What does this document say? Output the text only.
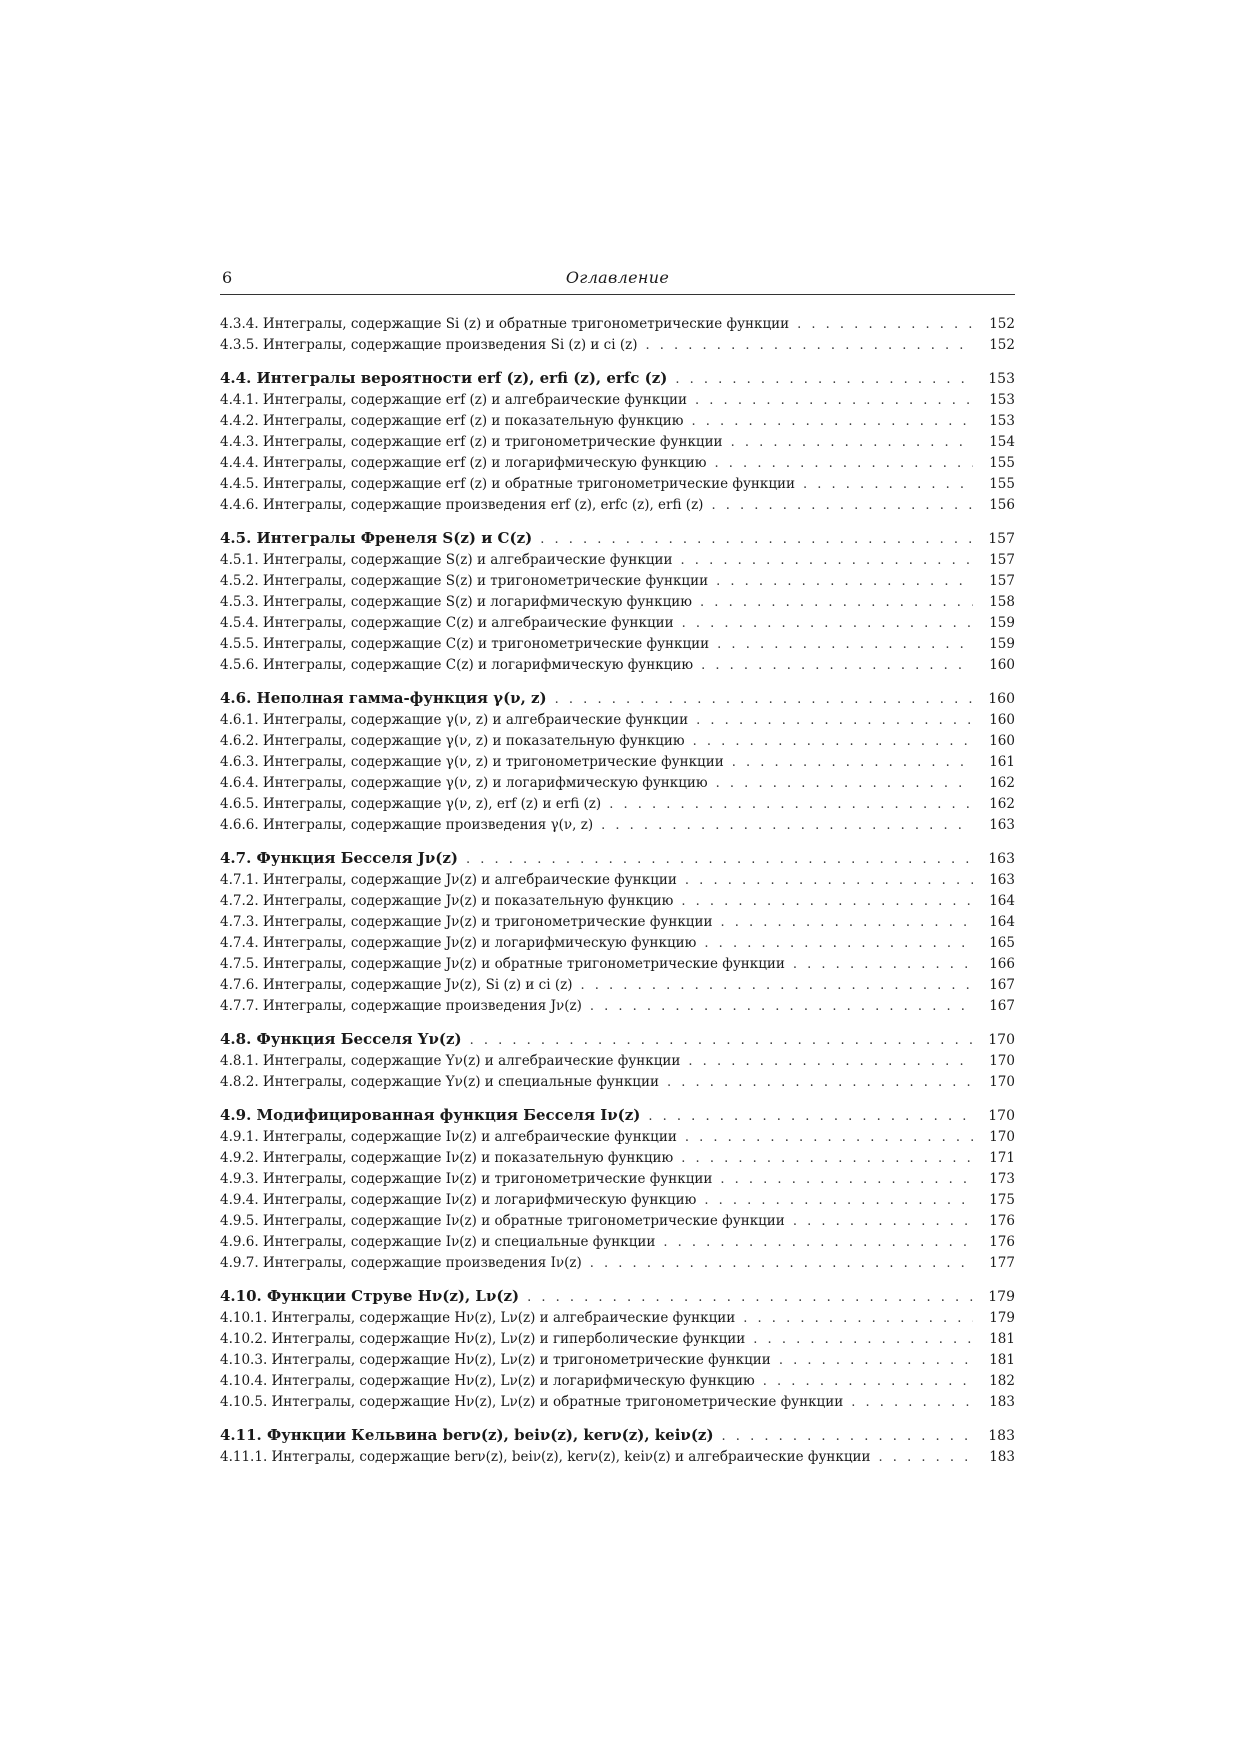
6	Оглавление
4.3.4. Интегралы, содержащие Si (z) и обратные тригонометрические функции . . .	152
4.3.5. Интегралы, содержащие произведения Si (z) и ci (z) . . .	152
4.4. Интегралы вероятности erf (z), erfi (z), erfc (z) . . .	153
4.4.1. Интегралы, содержащие erf (z) и алгебраические функции . . .	153
4.4.2. Интегралы, содержащие erf (z) и показательную функцию . . .	153
4.4.3. Интегралы, содержащие erf (z) и тригонометрические функции . . .	154
4.4.4. Интегралы, содержащие erf (z) и логарифмическую функцию . . .	155
4.4.5. Интегралы, содержащие erf (z) и обратные тригонометрические функции . . .	155
4.4.6. Интегралы, содержащие произведения erf (z), erfc (z), erfi (z) . . .	156
4.5. Интегралы Френеля S(z) и C(z) . . .	157
4.5.1. Интегралы, содержащие S(z) и алгебраические функции . . .	157
4.5.2. Интегралы, содержащие S(z) и тригонометрические функции . . .	157
4.5.3. Интегралы, содержащие S(z) и логарифмическую функцию . . .	158
4.5.4. Интегралы, содержащие C(z) и алгебраические функции . . .	159
4.5.5. Интегралы, содержащие C(z) и тригонометрические функции . . .	159
4.5.6. Интегралы, содержащие C(z) и логарифмическую функцию . . .	160
4.6. Неполная гамма-функция γ(ν, z) . . .	160
4.6.1. Интегралы, содержащие γ(ν, z) и алгебраические функции . . .	160
4.6.2. Интегралы, содержащие γ(ν, z) и показательную функцию . . .	160
4.6.3. Интегралы, содержащие γ(ν, z) и тригонометрические функции . . .	161
4.6.4. Интегралы, содержащие γ(ν, z) и логарифмическую функцию . . .	162
4.6.5. Интегралы, содержащие γ(ν, z), erf (z) и erfi (z) . . .	162
4.6.6. Интегралы, содержащие произведения γ(ν, z) . . .	163
4.7. Функция Бесселя Jν(z) . . .	163
4.7.1. Интегралы, содержащие Jν(z) и алгебраические функции . . .	163
4.7.2. Интегралы, содержащие Jν(z) и показательную функцию . . .	164
4.7.3. Интегралы, содержащие Jν(z) и тригонометрические функции . . .	164
4.7.4. Интегралы, содержащие Jν(z) и логарифмическую функцию . . .	165
4.7.5. Интегралы, содержащие Jν(z) и обратные тригонометрические функции . . .	166
4.7.6. Интегралы, содержащие Jν(z), Si (z) и ci (z) . . .	167
4.7.7. Интегралы, содержащие произведения Jν(z) . . .	167
4.8. Функция Бесселя Yν(z) . . .	170
4.8.1. Интегралы, содержащие Yν(z) и алгебраические функции . . .	170
4.8.2. Интегралы, содержащие Yν(z) и специальные функции . . .	170
4.9. Модифицированная функция Бесселя Iν(z) . . .	170
4.9.1. Интегралы, содержащие Iν(z) и алгебраические функции . . .	170
4.9.2. Интегралы, содержащие Iν(z) и показательную функцию . . .	171
4.9.3. Интегралы, содержащие Iν(z) и тригонометрические функции . . .	173
4.9.4. Интегралы, содержащие Iν(z) и логарифмическую функцию . . .	175
4.9.5. Интегралы, содержащие Iν(z) и обратные тригонометрические функции . . .	176
4.9.6. Интегралы, содержащие Iν(z) и специальные функции . . .	176
4.9.7. Интегралы, содержащие произведения Iν(z) . . .	177
4.10. Функции Струве Hν(z), Lν(z) . . .	179
4.10.1. Интегралы, содержащие Hν(z), Lν(z) и алгебраические функции . . .	179
4.10.2. Интегралы, содержащие Hν(z), Lν(z) и гиперболические функции . . .	181
4.10.3. Интегралы, содержащие Hν(z), Lν(z) и тригонометрические функции . . .	181
4.10.4. Интегралы, содержащие Hν(z), Lν(z) и логарифмическую функцию . . .	182
4.10.5. Интегралы, содержащие Hν(z), Lν(z) и обратные тригонометрические функции . . .	183
4.11. Функции Кельвина berν(z), beiν(z), kerν(z), keiν(z) . . .	183
4.11.1. Интегралы, содержащие berν(z), beiν(z), kerν(z), keiν(z) и алгебраические функции . . .	183
